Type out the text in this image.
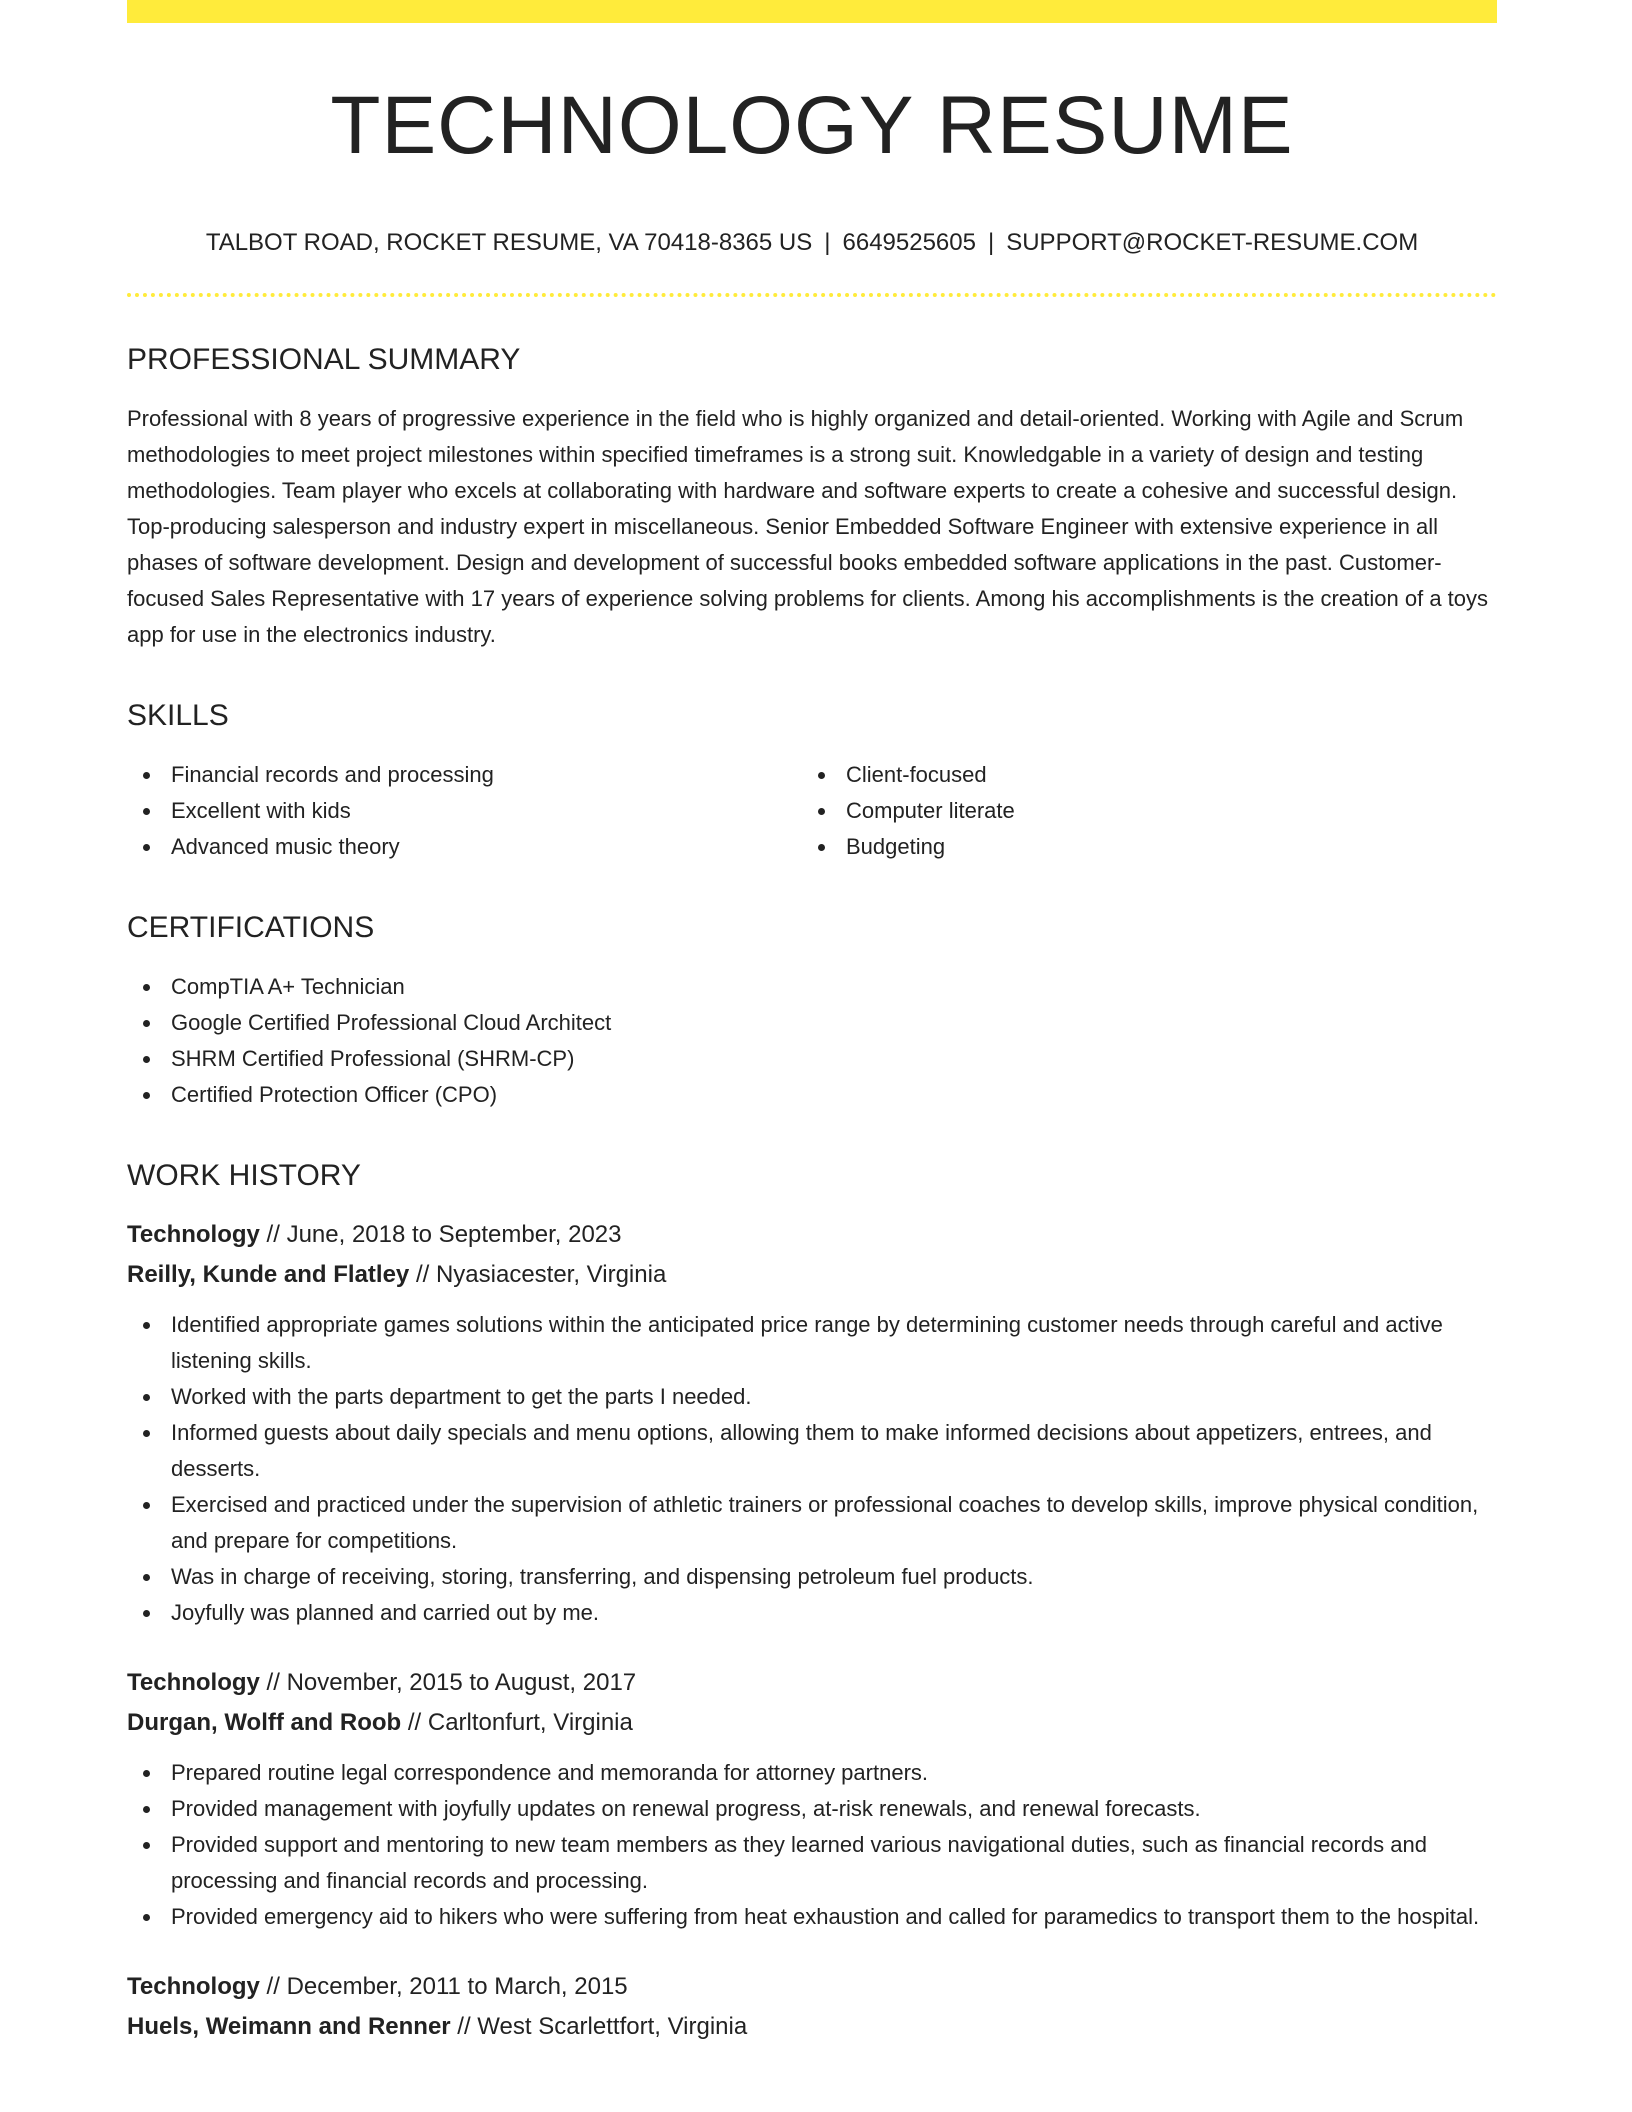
TECHNOLOGY RESUME
TALBOT ROAD, ROCKET RESUME, VA 70418-8365 US | 6649525605 | SUPPORT@ROCKET-RESUME.COM
PROFESSIONAL SUMMARY

Professional with 8 years of progressive experience in the field who is highly organized and detail-oriented. Working with Agile and Scrum methodologies to meet project milestones within specified timeframes is a strong suit. Knowledgable in a variety of design and testing methodologies. Team player who excels at collaborating with hardware and software experts to create a cohesive and successful design. Top-producing salesperson and industry expert in miscellaneous. Senior Embedded Software Engineer with extensive experience in all phases of software development. Design and development of successful books embedded software applications in the past. Customer-focused Sales Representative with 17 years of experience solving problems for clients. Among his accomplishments is the creation of a toys app for use in the electronics industry.

SKILLS
Financial records and processing
Excellent with kids
Advanced music theory
Client-focused
Computer literate
Budgeting
CERTIFICATIONS
CompTIA A+ Technician
Google Certified Professional Cloud Architect
SHRM Certified Professional (SHRM-CP)
Certified Protection Officer (CPO)
WORK HISTORY
Technology // June, 2018 to September, 2023
Reilly, Kunde and Flatley // Nyasiacester, Virginia
Identified appropriate games solutions within the anticipated price range by determining customer needs through careful and active listening skills.
Worked with the parts department to get the parts I needed.
Informed guests about daily specials and menu options, allowing them to make informed decisions about appetizers, entrees, and desserts.
Exercised and practiced under the supervision of athletic trainers or professional coaches to develop skills, improve physical condition, and prepare for competitions.
Was in charge of receiving, storing, transferring, and dispensing petroleum fuel products.
Joyfully was planned and carried out by me.
Technology // November, 2015 to August, 2017
Durgan, Wolff and Roob // Carltonfurt, Virginia
Prepared routine legal correspondence and memoranda for attorney partners.
Provided management with joyfully updates on renewal progress, at-risk renewals, and renewal forecasts.
Provided support and mentoring to new team members as they learned various navigational duties, such as financial records and processing and financial records and processing.
Provided emergency aid to hikers who were suffering from heat exhaustion and called for paramedics to transport them to the hospital.
Technology // December, 2011 to March, 2015
Huels, Weimann and Renner // West Scarlettfort, Virginia
